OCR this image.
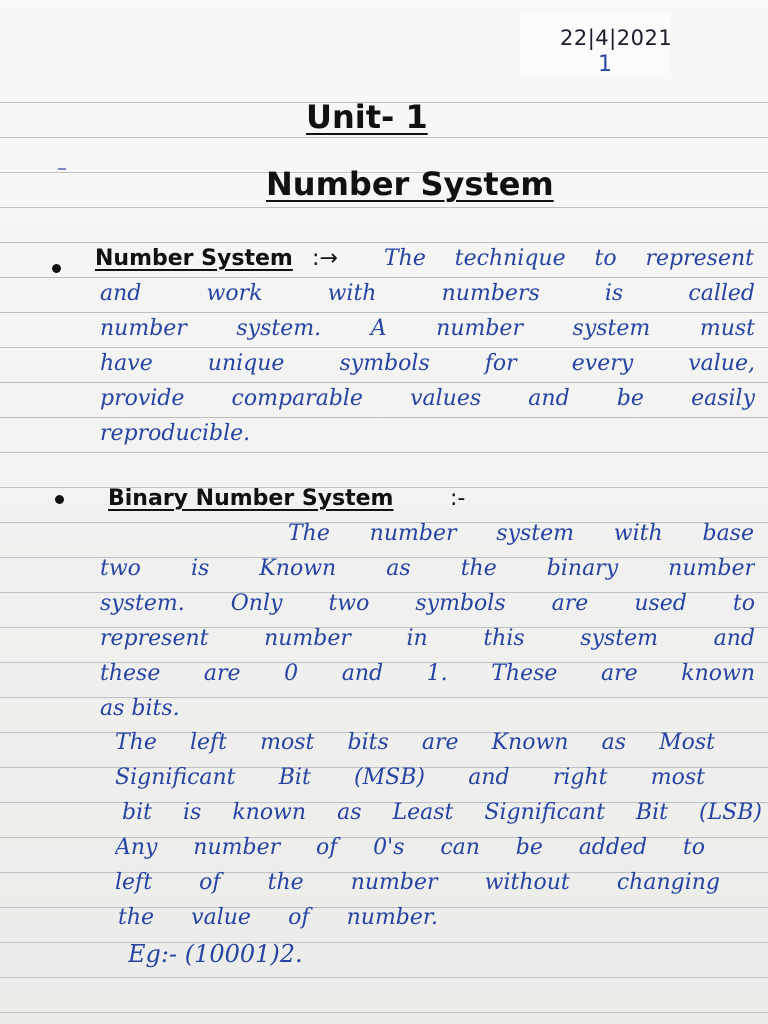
22|4|2021
1
Unit- 1
Number System
Number System :→ The technique to represent
and work with numbers is called
number system. A number system must
have unique symbols for every value,
provide comparable values and be easily
reproducible.
Binary Number System	:-
The number system with base
two is Known as the binary number
system. Only two symbols are used to
represent number in this system and
these are 0 and 1. These are known
as bits.
The left most bits are Known as Most
Significant Bit (MSB) and right most
bit is known as Least Significant Bit (LSB)
Any number of 0's can be added to
left of the number without changing
the value of number.
Eg:- (10001)2.
